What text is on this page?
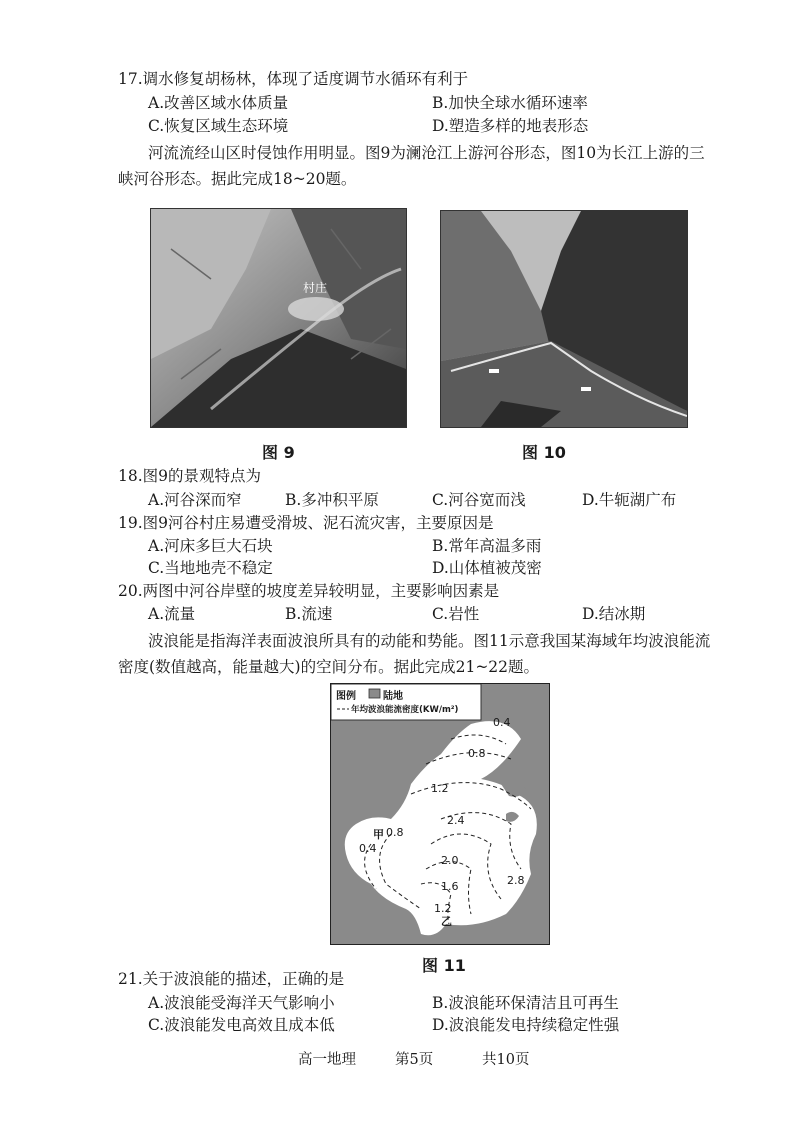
17.调水修复胡杨林，体现了适度调节水循环有利于
A.改善区域水体质量	B.加快全球水循环速率
C.恢复区域生态环境	D.塑造多样的地表形态
河流流经山区时侵蚀作用明显。图9为澜沧江上游河谷形态，图10为长江上游的三
峡河谷形态。据此完成18~20题。
村庄
图 9	图 10
18.图9的景观特点为
A.河谷深而窄	B.多冲积平原	C.河谷宽而浅	D.牛轭湖广布
19.图9河谷村庄易遭受滑坡、泥石流灾害，主要原因是
A.河床多巨大石块	B.常年高温多雨
C.当地地壳不稳定	D.山体植被茂密
20.两图中河谷岸壁的坡度差异较明显，主要影响因素是
A.流量	B.流速	C.岩性	D.结冰期
波浪能是指海洋表面波浪所具有的动能和势能。图11示意我国某海域年均波浪能流
密度(数值越高，能量越大)的空间分布。据此完成21~22题。
图例	陆地
年均波浪能流密度(KW/m²)
0.4
0.8
1.2
2.4
甲 0.8
0.4
2.0
1.6
1.2
乙
2.8
图 11
21.关于波浪能的描述，正确的是
A.波浪能受海洋天气影响小	B.波浪能环保清洁且可再生
C.波浪能发电高效且成本低	D.波浪能发电持续稳定性强
高一地理	第5页	共10页
